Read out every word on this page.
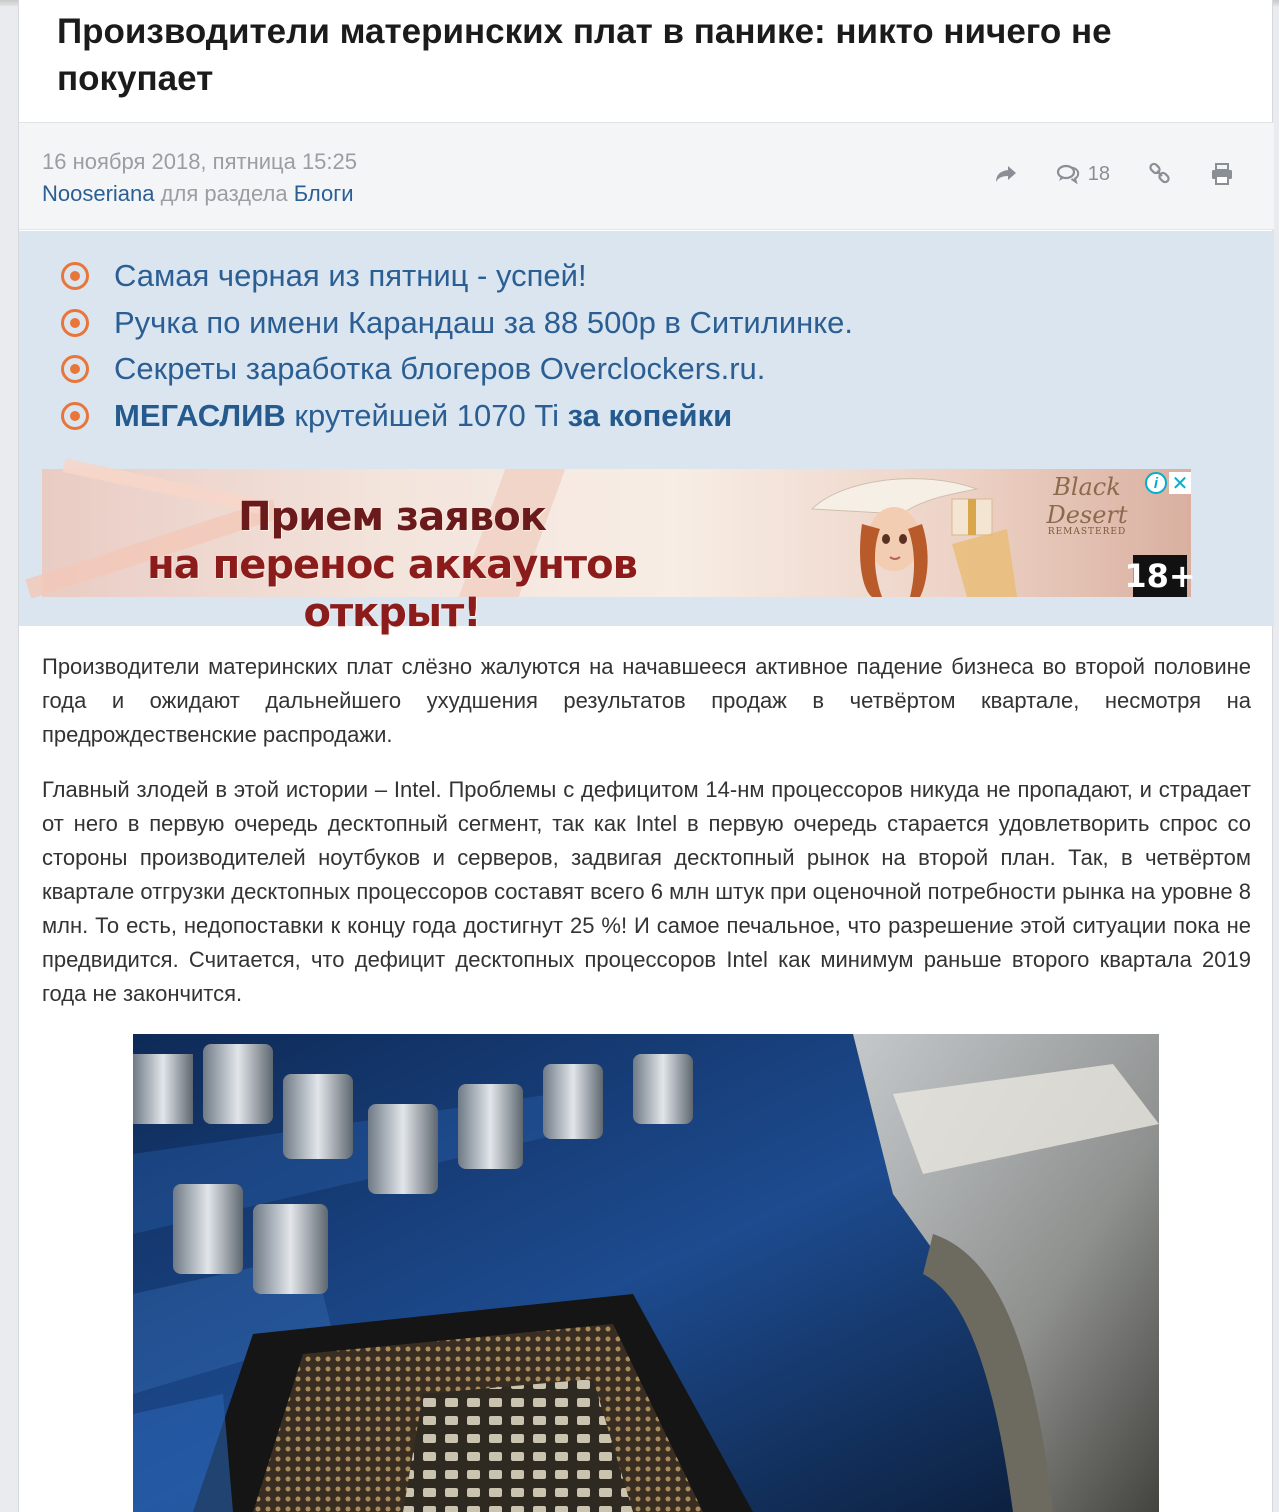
Производители материнских плат в панике: никто ничего не покупает
16 ноября 2018, пятница 15:25
Nooseriana для раздела Блоги
18
Самая черная из пятниц - успей!
Ручка по имени Карандаш за 88 500р в Ситилинке.
Секреты заработка блогеров Overclockers.ru.
МЕГАСЛИВ крутейшей 1070 Ti за копейки
Прием заявок
на перенос аккаунтов открыт!
Black Desert
REMASTERED
18+
i ✕

Производители материнских плат слёзно жалуются на начавшееся активное падение бизнеса во второй половине года и ожидают дальнейшего ухудшения результатов продаж в четвёртом квартале, несмотря на предрождественские распродажи.

Главный злодей в этой истории – Intel. Проблемы с дефицитом 14-нм процессоров никуда не пропадают, и страдает от него в первую очередь десктопный сегмент, так как Intel в первую очередь старается удовлетворить спрос со стороны производителей ноутбуков и серверов, задвигая десктопный рынок на второй план. Так, в четвёртом квартале отгрузки десктопных процессоров составят всего 6 млн штук при оценочной потребности рынка на уровне 8 млн. То есть, недопоставки к концу года достигнут 25 %! И самое печальное, что разрешение этой ситуации пока не предвидится. Считается, что дефицит десктопных процессоров Intel как минимум раньше второго квартала 2019 года не закончится.
